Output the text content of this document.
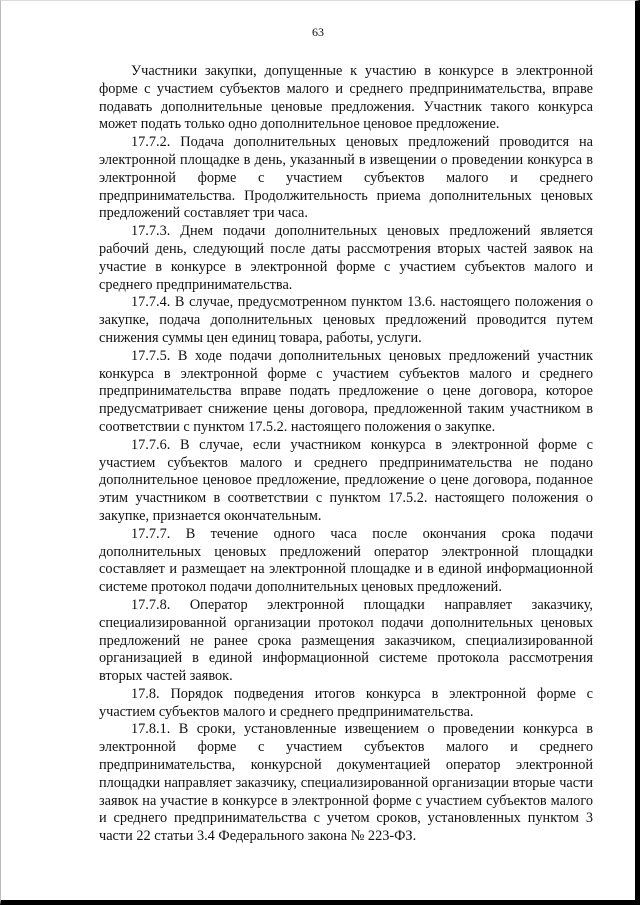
63

Участники закупки, допущенные к участию в конкурсе в электронной форме с участием субъектов малого и среднего предпринимательства, вправе подавать дополнительные ценовые предложения. Участник такого конкурса может подать только одно дополнительное ценовое предложение.

17.7.2. Подача дополнительных ценовых предложений проводится на электронной площадке в день, указанный в извещении о проведении конкурса в электронной форме с участием субъектов малого и среднего предпринимательства. Продолжительность приема дополнительных ценовых предложений составляет три часа.

17.7.3. Днем подачи дополнительных ценовых предложений является рабочий день, следующий после даты рассмотрения вторых частей заявок на участие в конкурсе в электронной форме с участием субъектов малого и среднего предпринимательства.

17.7.4. В случае, предусмотренном пунктом 13.6. настоящего положения о закупке, подача дополнительных ценовых предложений проводится путем снижения суммы цен единиц товара, работы, услуги.

17.7.5. В ходе подачи дополнительных ценовых предложений участник конкурса в электронной форме с участием субъектов малого и среднего предпринимательства вправе подать предложение о цене договора, которое предусматривает снижение цены договора, предложенной таким участником в соответствии с пунктом 17.5.2. настоящего положения о закупке.

17.7.6. В случае, если участником конкурса в электронной форме с участием субъектов малого и среднего предпринимательства не подано дополнительное ценовое предложение, предложение о цене договора, поданное этим участником в соответствии с пунктом 17.5.2. настоящего положения о закупке, признается окончательным.

17.7.7. В течение одного часа после окончания срока подачи дополнительных ценовых предложений оператор электронной площадки составляет и размещает на электронной площадке и в единой информационной системе протокол подачи дополнительных ценовых предложений.

17.7.8. Оператор электронной площадки направляет заказчику, специализированной организации протокол подачи дополнительных ценовых предложений не ранее срока размещения заказчиком, специализированной организацией в единой информационной системе протокола рассмотрения вторых частей заявок.

17.8. Порядок подведения итогов конкурса в электронной форме с участием субъектов малого и среднего предпринимательства.

17.8.1. В сроки, установленные извещением о проведении конкурса в электронной форме с участием субъектов малого и среднего предпринимательства, конкурсной документацией оператор электронной площадки направляет заказчику, специализированной организации вторые части заявок на участие в конкурсе в электронной форме с участием субъектов малого и среднего предпринимательства с учетом сроков, установленных пунктом 3 части 22 статьи 3.4 Федерального закона № 223-ФЗ.
